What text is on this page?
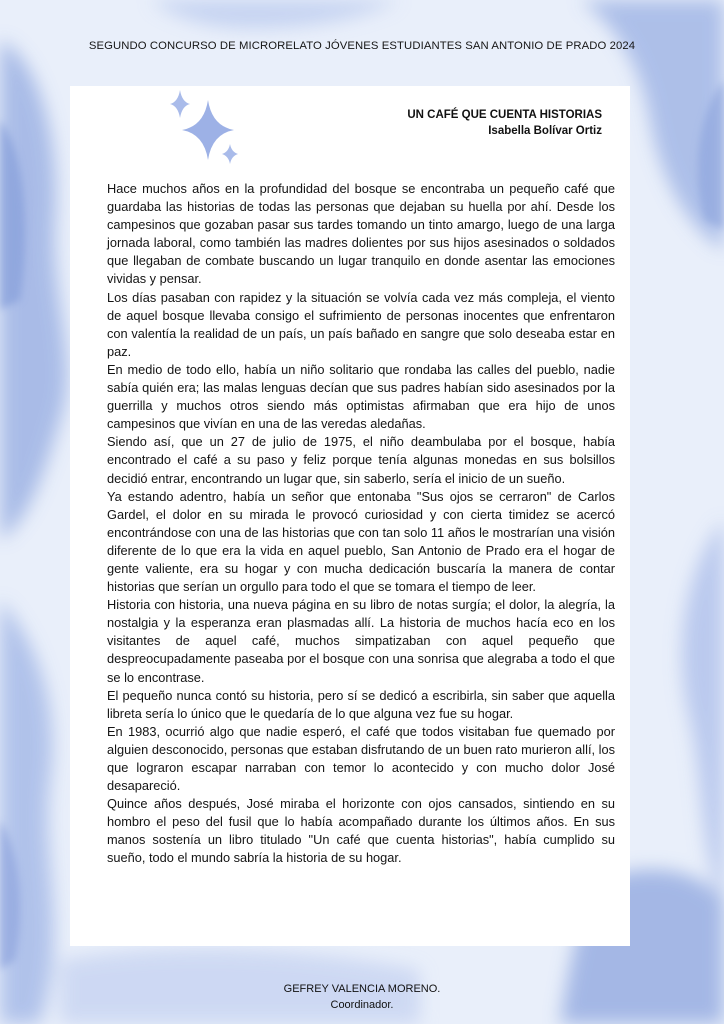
SEGUNDO CONCURSO DE MICRORELATO JÓVENES ESTUDIANTES SAN ANTONIO DE PRADO 2024
UN CAFÉ QUE CUENTA HISTORIAS
Isabella Bolívar Ortiz

Hace muchos años en la profundidad del bosque se encontraba un pequeño café que guardaba las historias de todas las personas que dejaban su huella por ahí. Desde los campesinos que gozaban pasar sus tardes tomando un tinto amargo, luego de una larga jornada laboral, como también las madres dolientes por sus hijos asesinados o soldados que llegaban de combate buscando un lugar tranquilo en donde asentar las emociones vividas y pensar.

Los días pasaban con rapidez y la situación se volvía cada vez más compleja, el viento de aquel bosque llevaba consigo el sufrimiento de personas inocentes que enfrentaron con valentía la realidad de un país, un país bañado en sangre que solo deseaba estar en paz.

En medio de todo ello, había un niño solitario que rondaba las calles del pueblo, nadie sabía quién era; las malas lenguas decían que sus padres habían sido asesinados por la guerrilla y muchos otros siendo más optimistas afirmaban que era hijo de unos campesinos que vivían en una de las veredas aledañas.

Siendo así, que un 27 de julio de 1975, el niño deambulaba por el bosque, había encontrado el café a su paso y feliz porque tenía algunas monedas en sus bolsillos decidió entrar, encontrando un lugar que, sin saberlo, sería el inicio de un sueño.

Ya estando adentro, había un señor que entonaba "Sus ojos se cerraron" de Carlos Gardel, el dolor en su mirada le provocó curiosidad y con cierta timidez se acercó encontrándose con una de las historias que con tan solo 11 años le mostrarían una visión diferente de lo que era la vida en aquel pueblo, San Antonio de Prado era el hogar de gente valiente, era su hogar y con mucha dedicación buscaría la manera de contar historias que serían un orgullo para todo el que se tomara el tiempo de leer.

Historia con historia, una nueva página en su libro de notas surgía; el dolor, la alegría, la nostalgia y la esperanza eran plasmadas allí. La historia de muchos hacía eco en los visitantes de aquel café, muchos simpatizaban con aquel pequeño que despreocupadamente paseaba por el bosque con una sonrisa que alegraba a todo el que se lo encontrase.

El pequeño nunca contó su historia, pero sí se dedicó a escribirla, sin saber que aquella libreta sería lo único que le quedaría de lo que alguna vez fue su hogar.

En 1983, ocurrió algo que nadie esperó, el café que todos visitaban fue quemado por alguien desconocido, personas que estaban disfrutando de un buen rato murieron allí, los que lograron escapar narraban con temor lo acontecido y con mucho dolor José desapareció.

Quince años después, José miraba el horizonte con ojos cansados, sintiendo en su hombro el peso del fusil que lo había acompañado durante los últimos años. En sus manos sostenía un libro titulado "Un café que cuenta historias", había cumplido su sueño, todo el mundo sabría la historia de su hogar.

GEFREY VALENCIA MORENO.
Coordinador.
